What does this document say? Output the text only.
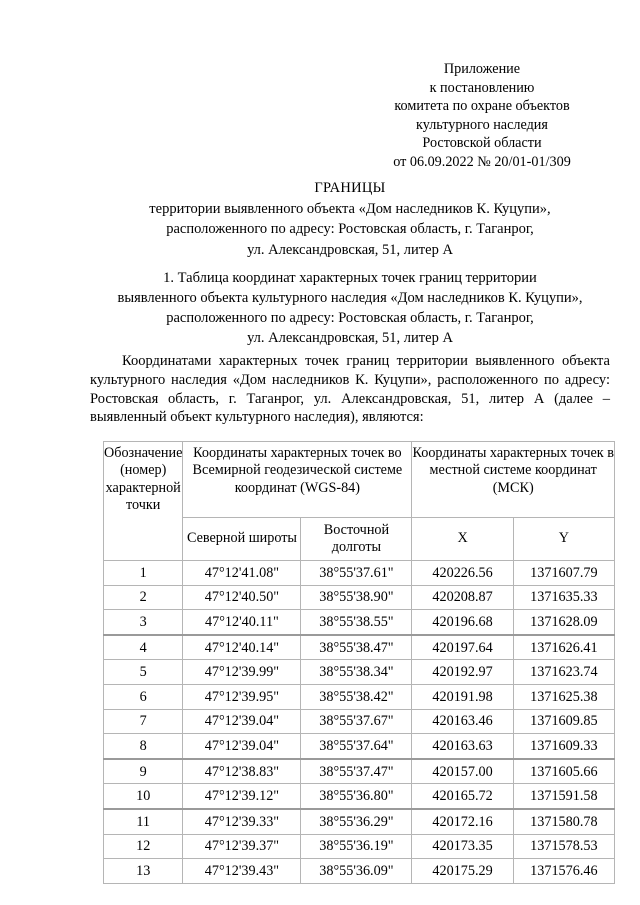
Приложение
к постановлению
комитета по охране объектов
культурного наследия
Ростовской области
от 06.09.2022 № 20/01-01/309
ГРАНИЦЫ
территории выявленного объекта «Дом наследников К. Куцупи»,
расположенного по адресу: Ростовская область, г. Таганрог,
ул. Александровская, 51, литер А
1. Таблица координат характерных точек границ территории
выявленного объекта культурного наследия «Дом наследников К. Куцупи»,
расположенного по адресу: Ростовская область, г. Таганрог,
ул. Александровская, 51, литер А

Координатами характерных точек границ территории выявленного объекта культурного наследия «Дом наследников К. Куцупи», расположенного по адресу: Ростовская область, г. Таганрог, ул. Александровская, 51, литер А (далее – выявленный объект культурного наследия), являются:

Обозначение (номер) характерной точки	Координаты характерных точек во Всемирной геодезической системе координат (WGS-84)		Координаты характерных точек в местной системе координат (МСК)	
	Северной широты	Восточной долготы	X	Y
1	47°12'41.08"	38°55'37.61"	420226.56	1371607.79
2	47°12'40.50"	38°55'38.90"	420208.87	1371635.33
3	47°12'40.11"	38°55'38.55"	420196.68	1371628.09
4	47°12'40.14"	38°55'38.47"	420197.64	1371626.41
5	47°12'39.99"	38°55'38.34"	420192.97	1371623.74
6	47°12'39.95"	38°55'38.42"	420191.98	1371625.38
7	47°12'39.04"	38°55'37.67"	420163.46	1371609.85
8	47°12'39.04"	38°55'37.64"	420163.63	1371609.33
9	47°12'38.83"	38°55'37.47"	420157.00	1371605.66
10	47°12'39.12"	38°55'36.80"	420165.72	1371591.58
11	47°12'39.33"	38°55'36.29"	420172.16	1371580.78
12	47°12'39.37"	38°55'36.19"	420173.35	1371578.53
13	47°12'39.43"	38°55'36.09"	420175.29	1371576.46
